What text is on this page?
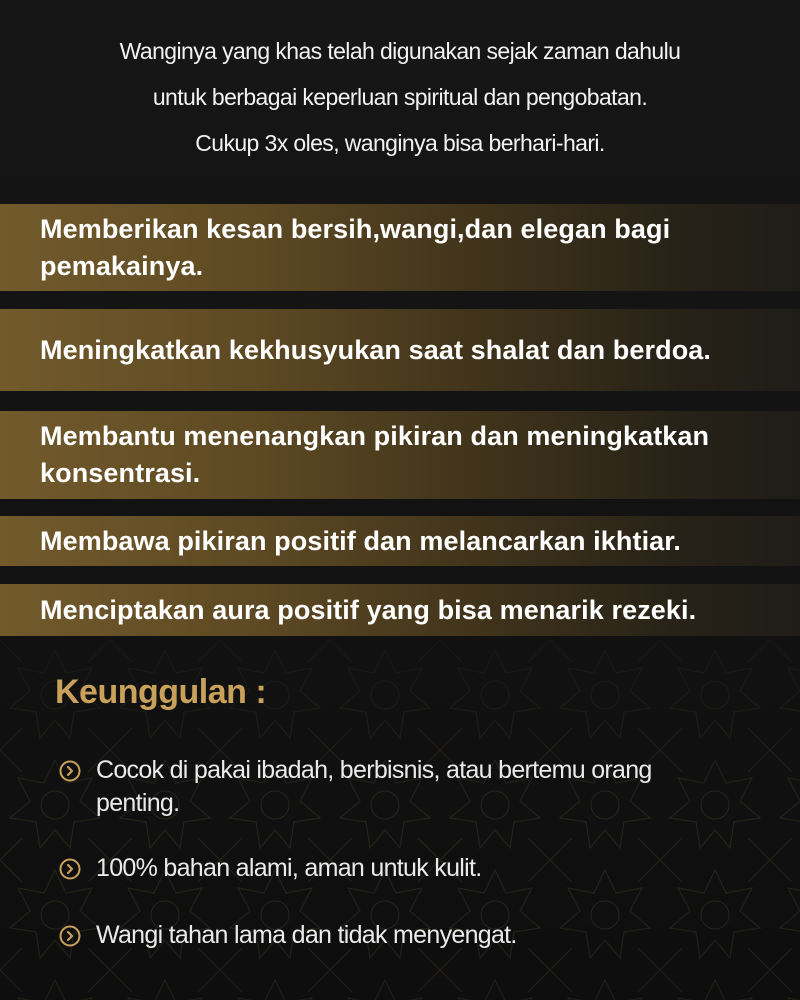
Wanginya yang khas telah digunakan sejak zaman dahulu
untuk berbagai keperluan spiritual dan pengobatan.
Cukup 3x oles, wanginya bisa berhari-hari.
Memberikan kesan bersih,wangi,dan elegan bagi pemakainya.
Meningkatkan kekhusyukan saat shalat dan berdoa.
Membantu menenangkan pikiran dan meningkatkan konsentrasi.
Membawa pikiran positif dan melancarkan ikhtiar.
Menciptakan aura positif yang bisa menarik rezeki.
Keunggulan :
Cocok di pakai ibadah, berbisnis, atau bertemu orang penting.
100% bahan alami, aman untuk kulit.
Wangi tahan lama dan tidak menyengat.
